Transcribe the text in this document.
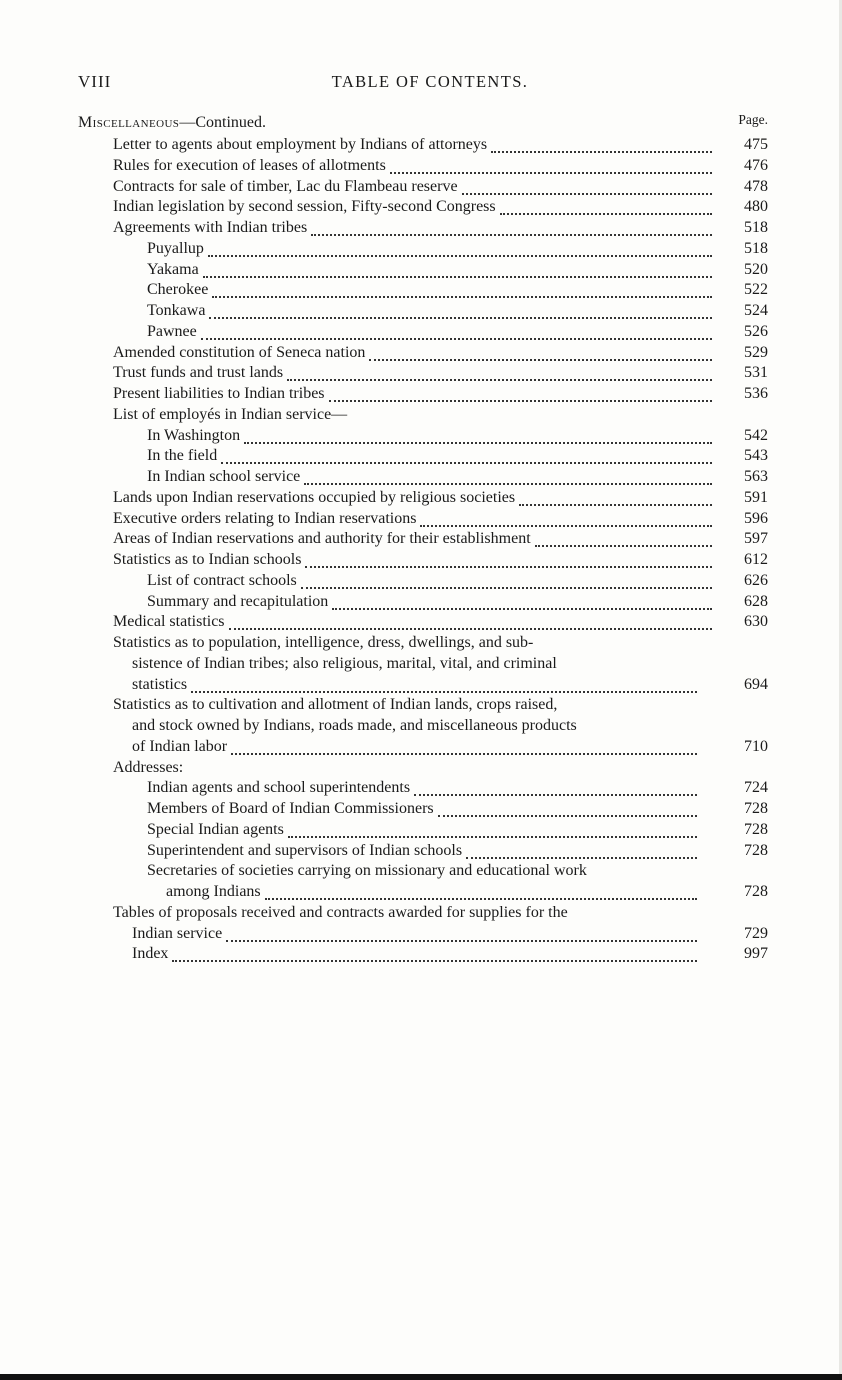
VIII	TABLE OF CONTENTS.
Miscellaneous—Continued.	Page.
Letter to agents about employment by Indians of attorneys	475
Rules for execution of leases of allotments	476
Contracts for sale of timber, Lac du Flambeau reserve	478
Indian legislation by second session, Fifty-second Congress	480
Agreements with Indian tribes	518
Puyallup	518
Yakama	520
Cherokee	522
Tonkawa	524
Pawnee	526
Amended constitution of Seneca nation	529
Trust funds and trust lands	531
Present liabilities to Indian tribes	536
List of employés in Indian service—
In Washington	542
In the field	543
In Indian school service	563
Lands upon Indian reservations occupied by religious societies	591
Executive orders relating to Indian reservations	596
Areas of Indian reservations and authority for their establishment	597
Statistics as to Indian schools	612
List of contract schools	626
Summary and recapitulation	628
Medical statistics	630
Statistics as to population, intelligence, dress, dwellings, and sub-
sistence of Indian tribes; also religious, marital, vital, and criminal
statistics	694
Statistics as to cultivation and allotment of Indian lands, crops raised,
and stock owned by Indians, roads made, and miscellaneous products
of Indian labor	710
Addresses:
Indian agents and school superintendents	724
Members of Board of Indian Commissioners	728
Special Indian agents	728
Superintendent and supervisors of Indian schools	728
Secretaries of societies carrying on missionary and educational work
among Indians	728
Tables of proposals received and contracts awarded for supplies for the
Indian service	729
Index	997
